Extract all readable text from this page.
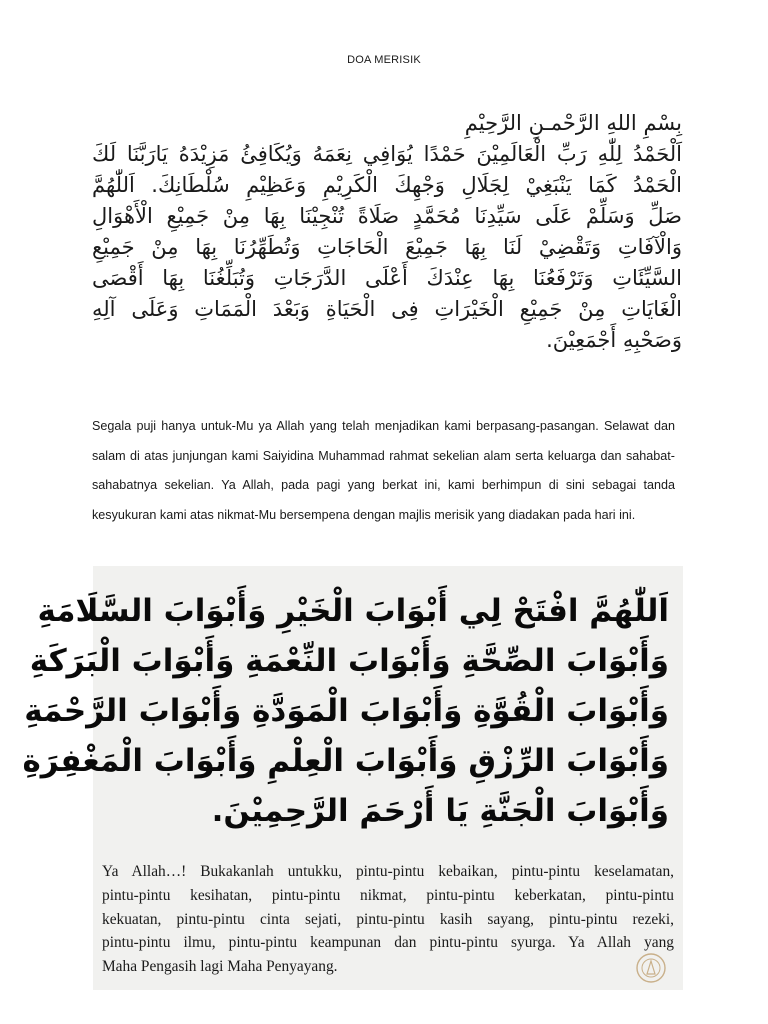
DOA MERISIK
بِسْمِ اللهِ الرَّحْمـنِ الرَّحِيْمِ
اَلْحَمْدُ لِلّٰهِ رَبِّ الْعَالَمِيْنَ حَمْدًا يُوَافِي نِعَمَهُ وَيُكَافِئُ مَزِيْدَهُ يَارَبَّنَا لَكَ
الْحَمْدُ كَمَا يَنْبَغِيْ لِجَلَالِ وَجْهِكَ الْكَرِيْمِ وَعَظِيْمِ سُلْطَانِكَ. اَللّٰهُمَّ
صَلِّ وَسَلِّمْ عَلَى سَيِّدِنَا مُحَمَّدٍ صَلَاةً تُنْجِيْنَا بِهَا مِنْ جَمِيْعِ الْأَهْوَالِ
وَالْآفَاتِ وَتَقْضِيْ لَنَا بِهَا جَمِيْعَ الْحَاجَاتِ وَتُطَهِّرُنَا بِهَا مِنْ جَمِيْعِ
السَّيِّئَاتِ وَتَرْفَعُنَا بِهَا عِنْدَكَ أَعْلَى الدَّرَجَاتِ وَتُبَلِّغُنَا بِهَا أَقْصَى
الْغَايَاتِ مِنْ جَمِيْعِ الْخَيْرَاتِ فِى الْحَيَاةِ وَبَعْدَ الْمَمَاتِ وَعَلَى آلِهِ
وَصَحْبِهِ أَجْمَعِيْنَ.
Segala puji hanya untuk-Mu ya Allah yang telah menjadikan kami berpasang-pasangan. Selawat dan salam di atas junjungan kami Saiyidina Muhammad rahmat sekelian alam serta keluarga dan sahabat-sahabatnya sekelian. Ya Allah, pada pagi yang berkat ini, kami berhimpun di sini sebagai tanda kesyukuran kami atas nikmat-Mu bersempena dengan majlis merisik yang diadakan pada hari ini.
اَللّٰهُمَّ افْتَحْ لِي أَبْوَابَ الْخَيْرِ وَأَبْوَابَ السَّلَامَةِ
وَأَبْوَابَ الصِّحَّةِ وَأَبْوَابَ النِّعْمَةِ وَأَبْوَابَ الْبَرَكَةِ
وَأَبْوَابَ الْقُوَّةِ وَأَبْوَابَ الْمَوَدَّةِ وَأَبْوَابَ الرَّحْمَةِ
وَأَبْوَابَ الرِّزْقِ وَأَبْوَابَ الْعِلْمِ وَأَبْوَابَ الْمَغْفِرَةِ
وَأَبْوَابَ الْجَنَّةِ يَا أَرْحَمَ الرَّحِمِيْنَ.
Ya Allah…! Bukakanlah untukku, pintu-pintu kebaikan, pintu-pintu keselamatan,
pintu-pintu kesihatan, pintu-pintu nikmat, pintu-pintu keberkatan, pintu-pintu
kekuatan, pintu-pintu cinta sejati, pintu-pintu kasih sayang, pintu-pintu rezeki,
pintu-pintu ilmu, pintu-pintu keampunan dan pintu-pintu syurga. Ya Allah yang
Maha Pengasih lagi Maha Penyayang.
